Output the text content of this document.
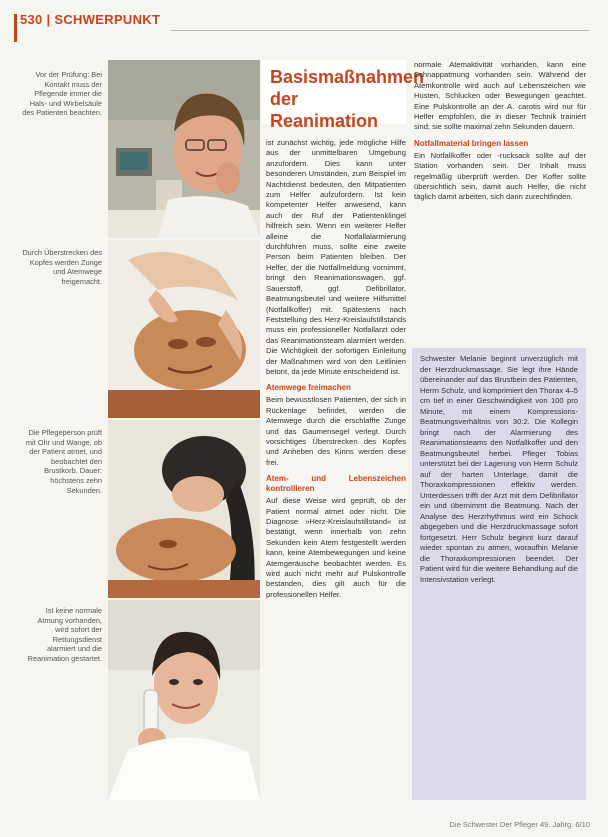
530 | SCHWERPUNKT
Vor der Prüfung: Bei Kontakt muss der Pflegende immer die Hals- und Wirbelsäule des Patienten beachten.
Durch Überstrecken des Kopfes werden Zunge und Atemwege freigemacht.
Die Pflegeperson prüft mit Ohr und Wange, ob der Patient atmet, und beobachtet den Brustkorb. Dauer: höchstens zehn Sekunden.
Ist keine normale Atmung vorhanden, wird sofort der Rettungsdienst alarmiert und die Reanimation gestartet.
Basismaßnahmen
der Reanimation

ist zunächst wichtig, jede mögliche Hilfe aus der unmittelbaren Umgebung anzufordern. Dies kann unter besonderen Umständen, zum Beispiel im Nachtdienst bedeuten, den Mitpatienten zum Helfer aufzufordern. Ist kein kompetenter Helfer anwesend, kann auch der Ruf der Patientenklingel hilfreich sein. Wenn ein weiterer Helfer alleine die Notfallalarmierung durchführen muss, sollte eine zweite Person beim Patienten bleiben. Der Helfer, der die Notfallmeldung vornimmt, bringt den Reanimationswagen, ggf. Sauerstoff, ggf. Defibrillator, Beatmungsbeutel und weitere Hilfsmittel (Notfallkoffer) mit. Spätestens nach Feststellung des Herz-Kreislaufstillstands muss ein professioneller Notfallarzt oder das Reanimationsteam alarmiert werden. Die Wichtigkeit der sofortigen Einleitung der Maßnahmen wird von den Leitlinien betont, da jede Minute entscheidend ist.

Atemwege freimachen

Beim bewusstlosen Patienten, der sich in Rückenlage befindet, werden die Atemwege durch die erschlaffte Zunge und das Gaumensegel verlegt. Durch vorsichtiges Überstrecken des Kopfes und Anheben des Kinns werden diese frei.

Atem- und Lebenszeichen kontrollieren

Auf diese Weise wird geprüft, ob der Patient normal atmet oder nicht. Die Diagnose »Herz-Kreislaufstillstand« ist bestätigt, wenn innerhalb von zehn Sekunden kein Atem festgestellt werden kann, keine Atembewegungen und keine Atemgeräusche beobachtet werden. Es wird auch nicht mehr auf Pulskontrolle bestanden, dies gilt auch für die professionellen Helfer.

normale Atemaktivität vorhanden, kann eine Schnappatmung vorhanden sein. Während der Atemkontrolle wird auch auf Lebenszeichen wie Husten, Schlucken oder Bewegungen geachtet. Eine Pulskontrolle an der A. carotis wird nur für Helfer empfohlen, die in dieser Technik trainiert sind; sie sollte maximal zehn Sekunden dauern.

Notfallmaterial bringen lassen

Ein Notfallkoffer oder -rucksack sollte auf der Station vorhanden sein. Der Inhalt muss regelmäßig überprüft werden. Der Koffer sollte übersichtlich sein, damit auch Helfer, die nicht täglich damit arbeiten, sich darin zurechtfinden.

Schwester Melanie beginnt unverzüglich mit der Herzdruckmassage. Sie legt ihre Hände übereinander auf das Brustbein des Patienten, Herrn Schulz, und komprimiert den Thorax 4–5 cm tief in einer Geschwindigkeit von 100 pro Minute, mit einem Kompressions-Beatmungsverhältnis von 30:2. Die Kollegin bringt nach der Alarmierung des Reanimationsteams den Notfallkoffer und den Beatmungsbeutel herbei. Pfleger Tobias unterstützt bei der Lagerung von Herrn Schulz auf der harten Unterlage, damit die Thoraxkompressionen effektiv werden. Unterdessen trifft der Arzt mit dem Defibrillator ein und übernimmt die Beatmung. Nach der Analyse des Herzrhythmus wird ein Schock abgegeben und die Herzdruckmassage sofort fortgesetzt. Herr Schulz beginnt kurz darauf wieder spontan zu atmen, woraufhin Melanie die Thoraxkompressionen beendet. Der Patient wird für die weitere Behandlung auf die Intensivstation verlegt.

Die Schwester Der Pfleger 49. Jahrg. 6/10
